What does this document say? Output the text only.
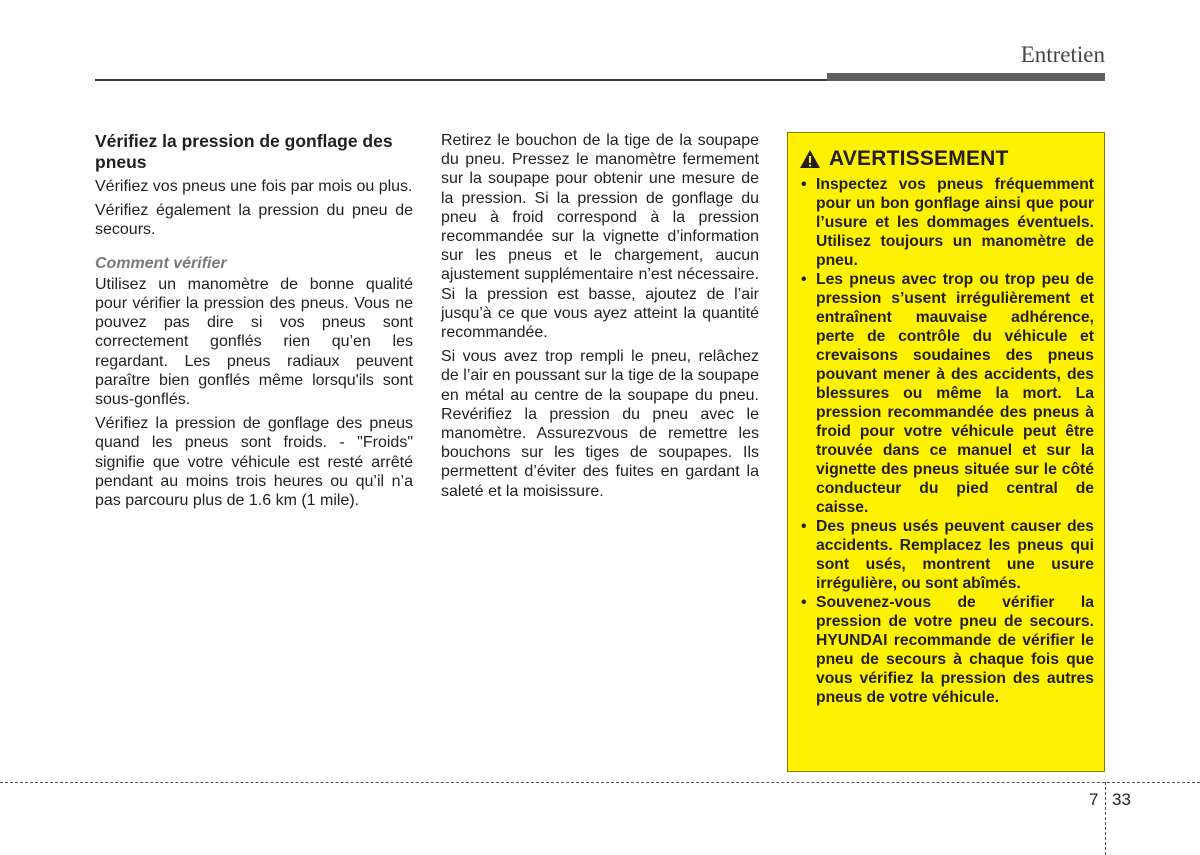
Entretien
Vérifiez la pression de gonflage des pneus

Vérifiez vos pneus une fois par mois ou plus.

Vérifiez également la pression du pneu de secours.

Comment vérifier

Utilisez un manomètre de bonne qualité pour vérifier la pression des pneus. Vous ne pouvez pas dire si vos pneus sont correctement gonflés rien qu’en les regardant. Les pneus radiaux peuvent paraître bien gonflés même lorsqu'ils sont sous-gonflés.

Vérifiez la pression de gonflage des pneus quand les pneus sont froids. - "Froids" signifie que votre véhicule est resté arrêté pendant au moins trois heures ou qu’il n’a pas parcouru plus de 1.6 km (1 mile).

Retirez le bouchon de la tige de la soupape du pneu. Pressez le manomètre fermement sur la soupape pour obtenir une mesure de la pression. Si la pression de gonflage du pneu à froid correspond à la pression recommandée sur la vignette d’information sur les pneus et le chargement, aucun ajustement supplémentaire n’est nécessaire. Si la pression est basse, ajoutez de l’air jusqu’à ce que vous ayez atteint la quantité recommandée.

Si vous avez trop rempli le pneu, relâchez de l’air en poussant sur la tige de la soupape en métal au centre de la soupape du pneu. Revérifiez la pression du pneu avec le manomètre. Assurezvous de remettre les bouchons sur les tiges de soupapes. Ils permettent d’éviter des fuites en gardant la saleté et la moisissure.

AVERTISSEMENT
• Inspectez vos pneus fréquemment pour un bon gonflage ainsi que pour l’usure et les dommages éventuels. Utilisez toujours un manomètre de pneu.
• Les pneus avec trop ou trop peu de pression s’usent irrégulièrement et entraînent mauvaise adhérence, perte de contrôle du véhicule et crevaisons soudaines des pneus pouvant mener à des accidents, des blessures ou même la mort. La pression recommandée des pneus à froid pour votre véhicule peut être trouvée dans ce manuel et sur la vignette des pneus située sur le côté conducteur du pied central de caisse.
• Des pneus usés peuvent causer des accidents. Remplacez les pneus qui sont usés, montrent une usure irrégulière, ou sont abîmés.
• Souvenez-vous de vérifier la pression de votre pneu de secours. HYUNDAI recommande de vérifier le pneu de secours à chaque fois que vous vérifiez la pression des autres pneus de votre véhicule.
7 33
